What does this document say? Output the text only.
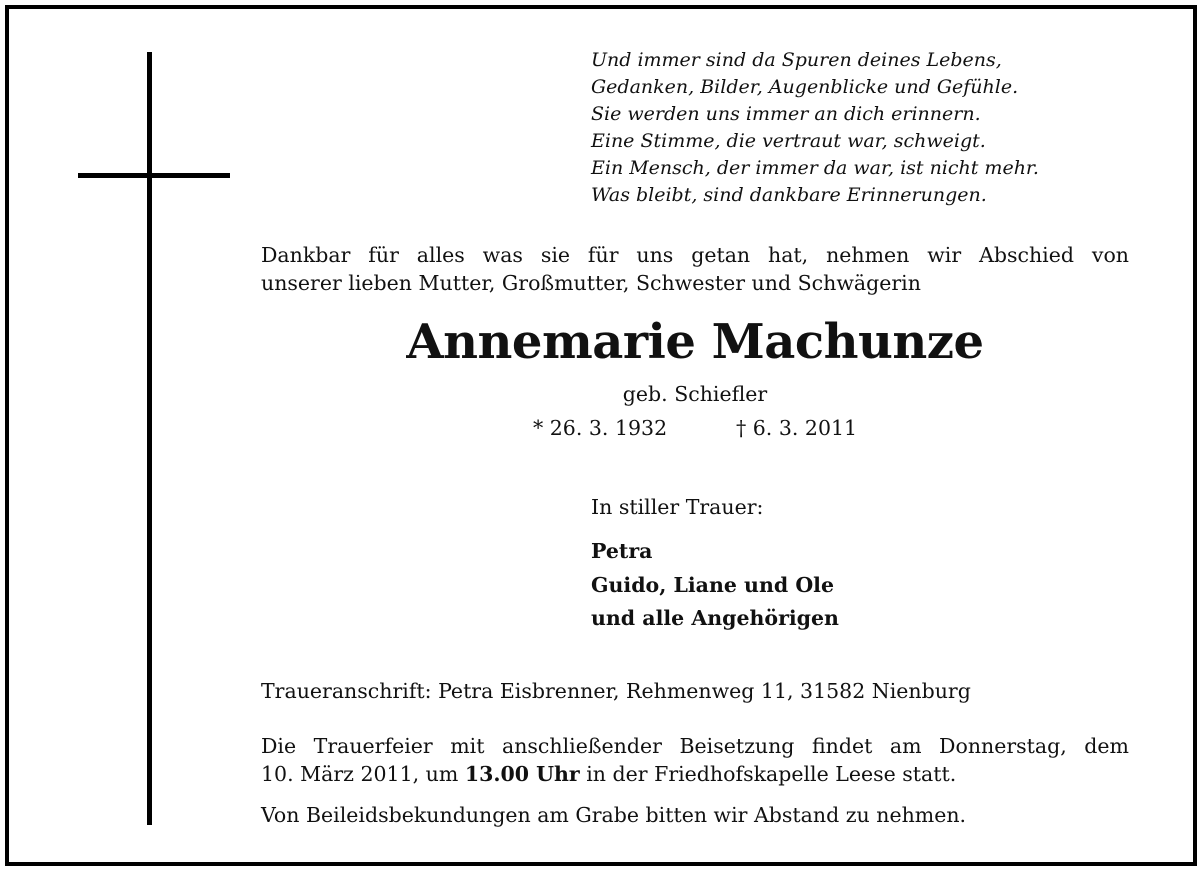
Und immer sind da Spuren deines Lebens,
Gedanken, Bilder, Augenblicke und Gefühle.
Sie werden uns immer an dich erinnern.
Eine Stimme, die vertraut war, schweigt.
Ein Mensch, der immer da war, ist nicht mehr.
Was bleibt, sind dankbare Erinnerungen.

Dankbar für alles was sie für uns getan hat, nehmen wir Abschied von
unserer lieben Mutter, Großmutter, Schwester und Schwägerin

Annemarie Machunze
geb. Schiefler
* 26. 3. 1932	† 6. 3. 2011
In stiller Trauer:

Petra
Guido, Liane und Ole
und alle Angehörigen

Traueranschrift: Petra Eisbrenner, Rehmenweg 11, 31582 Nienburg

Die Trauerfeier mit anschließender Beisetzung findet am Donnerstag, dem
10. März 2011, um 13.00 Uhr in der Friedhofskapelle Leese statt.

Von Beileidsbekundungen am Grabe bitten wir Abstand zu nehmen.
